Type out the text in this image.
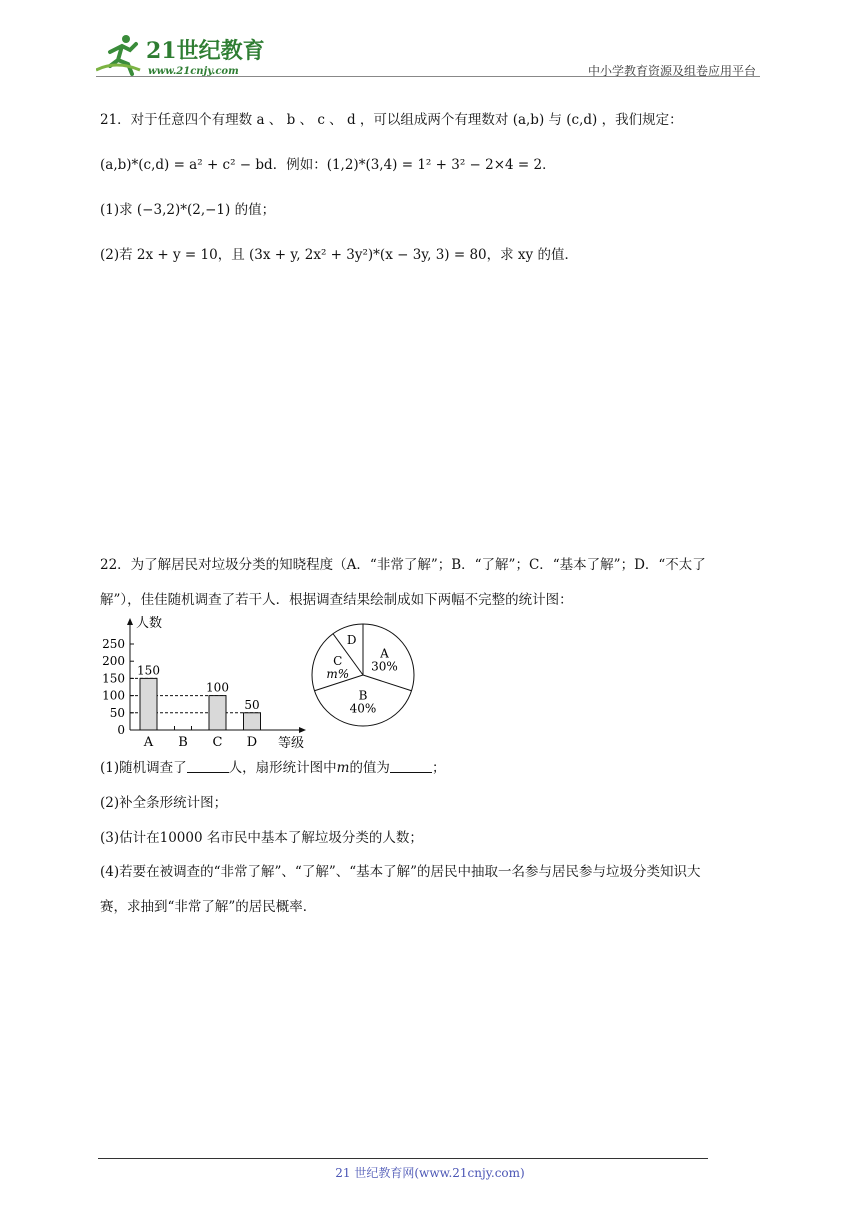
21世纪教育
www.21cnjy.com	中小学教育资源及组卷应用平台
21．对于任意四个有理数 a 、 b 、 c 、 d ，可以组成两个有理数对 (a,b) 与 (c,d) ，我们规定：
(a,b)*(c,d) = a² + c² − bd．例如：(1,2)*(3,4) = 1² + 3² − 2×4 = 2．
(1)求 (−3,2)*(2,−1) 的值；
(2)若 2x + y = 10，且 (3x + y, 2x² + 3y²)*(x − 3y, 3) = 80，求 xy 的值．
22．为了解居民对垃圾分类的知晓程度（A．“非常了解”；B．“了解”；C．“基本了解”；D．“不太了
解”），佳佳随机调查了若干人．根据调查结果绘制成如下两幅不完整的统计图：
人数
等级
0
50
100
150
200
250
150
A B
100
C
50
D
A
30%
B
40%
C
m%
D
(1)随机调查了	人，扇形统计图中m的值为	；
(2)补全条形统计图；
(3)估计在10000 名市民中基本了解垃圾分类的人数；
(4)若要在被调查的“非常了解”、“了解”、“基本了解”的居民中抽取一名参与居民参与垃圾分类知识大
赛，求抽到“非常了解”的居民概率．
21 世纪教育网(www.21cnjy.com)
